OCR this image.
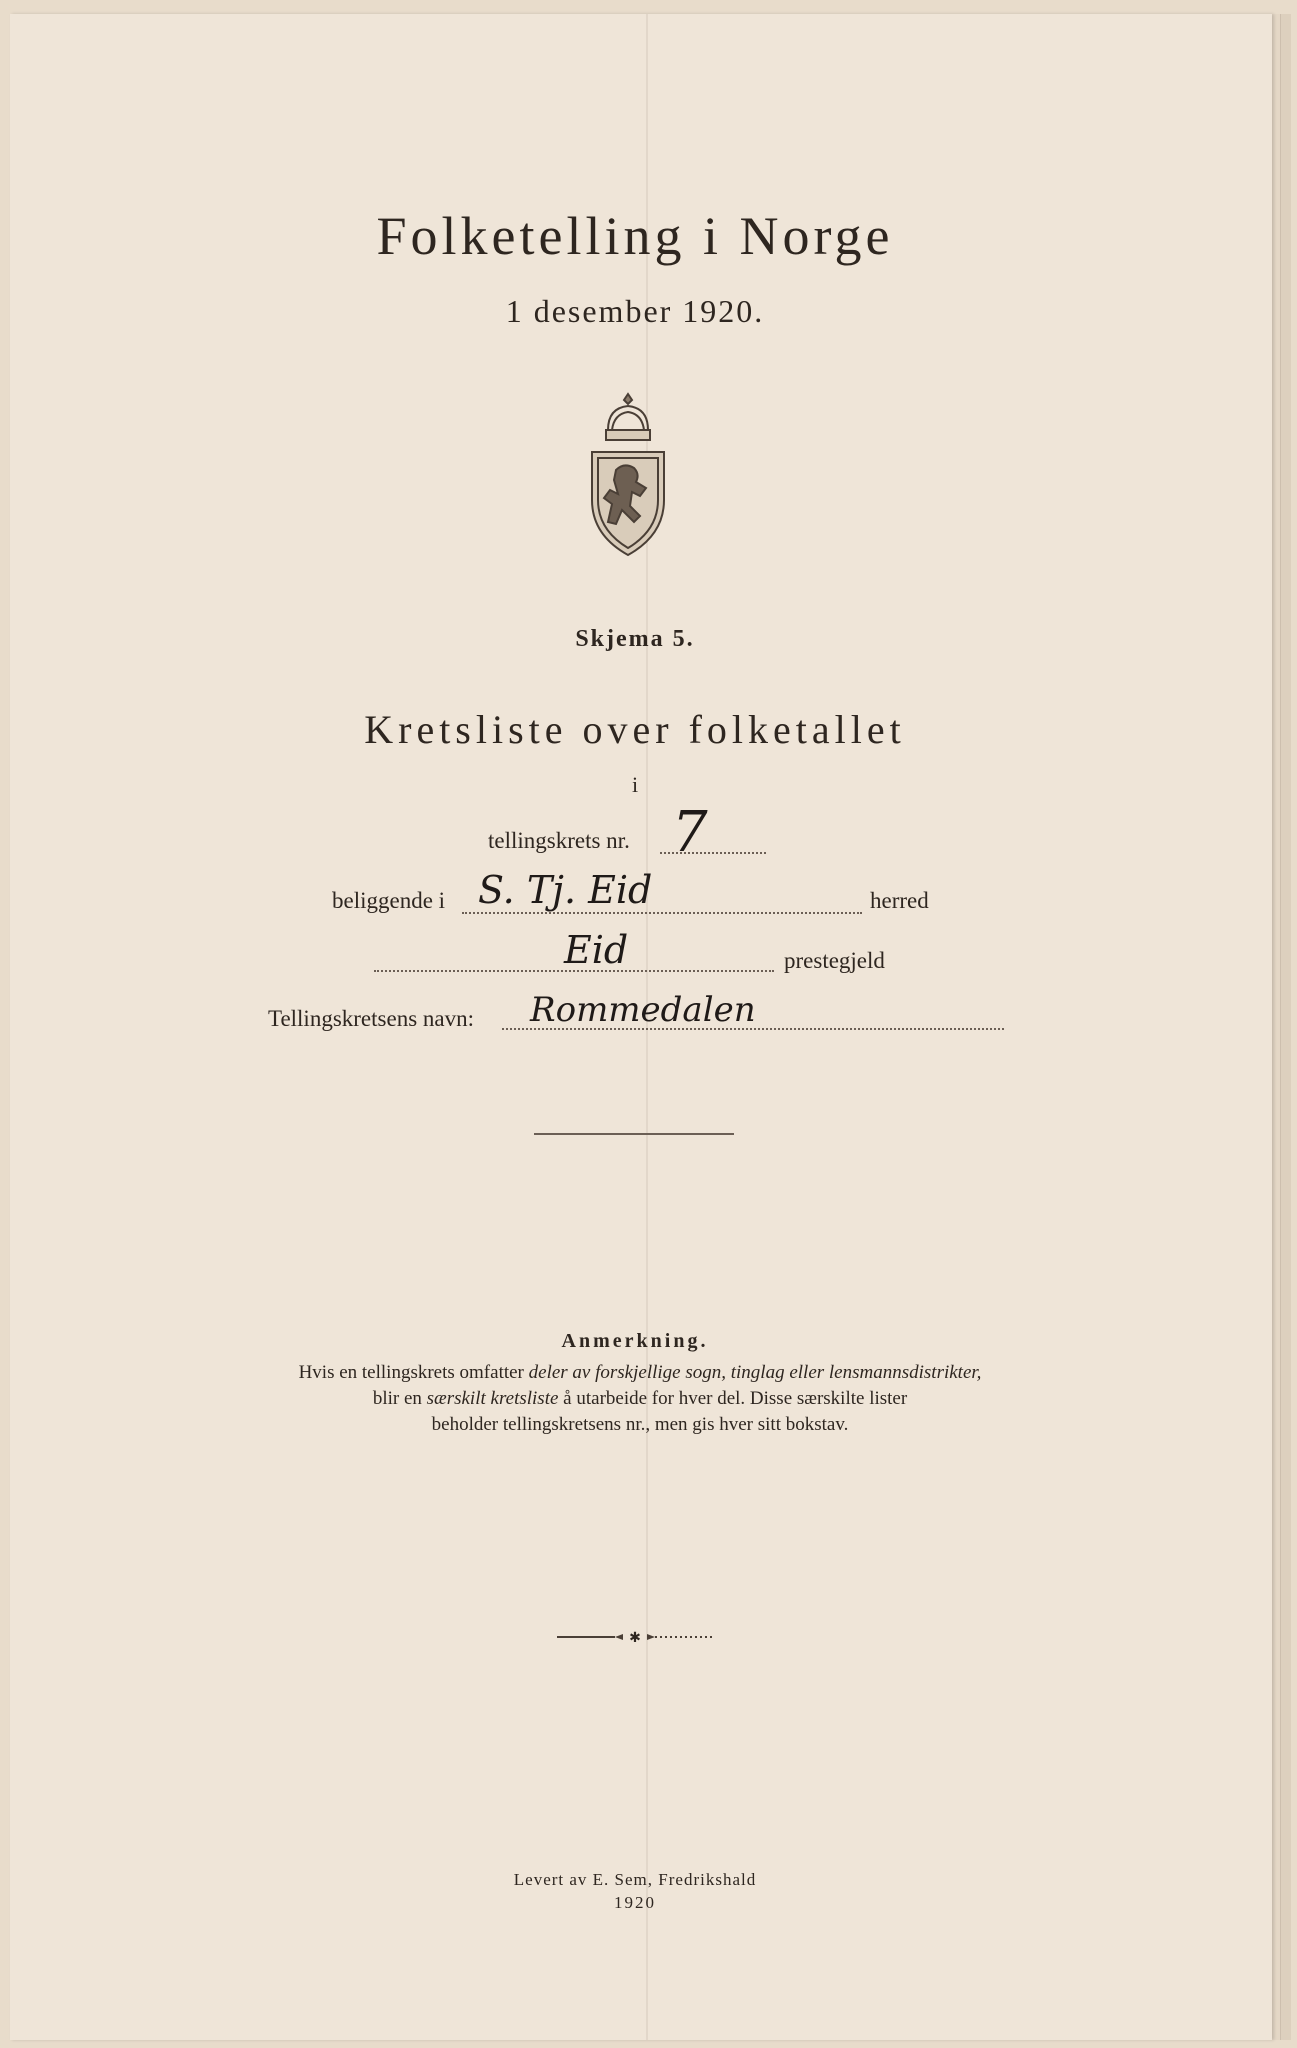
Folketelling i Norge
1 desember 1920.
Skjema 5.
Kretsliste over folketallet
i
tellingskrets nr. 7
beliggende i S. Tj. Eid	herred
Eid	prestegjeld
Tellingskretsens navn: Rommedalen
Anmerkning.

Hvis en tellingskrets omfatter deler av forskjellige sogn, tinglag eller lensmannsdistrikter,

blir en særskilt kretsliste å utarbeide for hver del. Disse særskilte lister

beholder tellingskretsens nr., men gis hver sitt bokstav.

✱
Levert av E. Sem, Fredrikshald
1920
